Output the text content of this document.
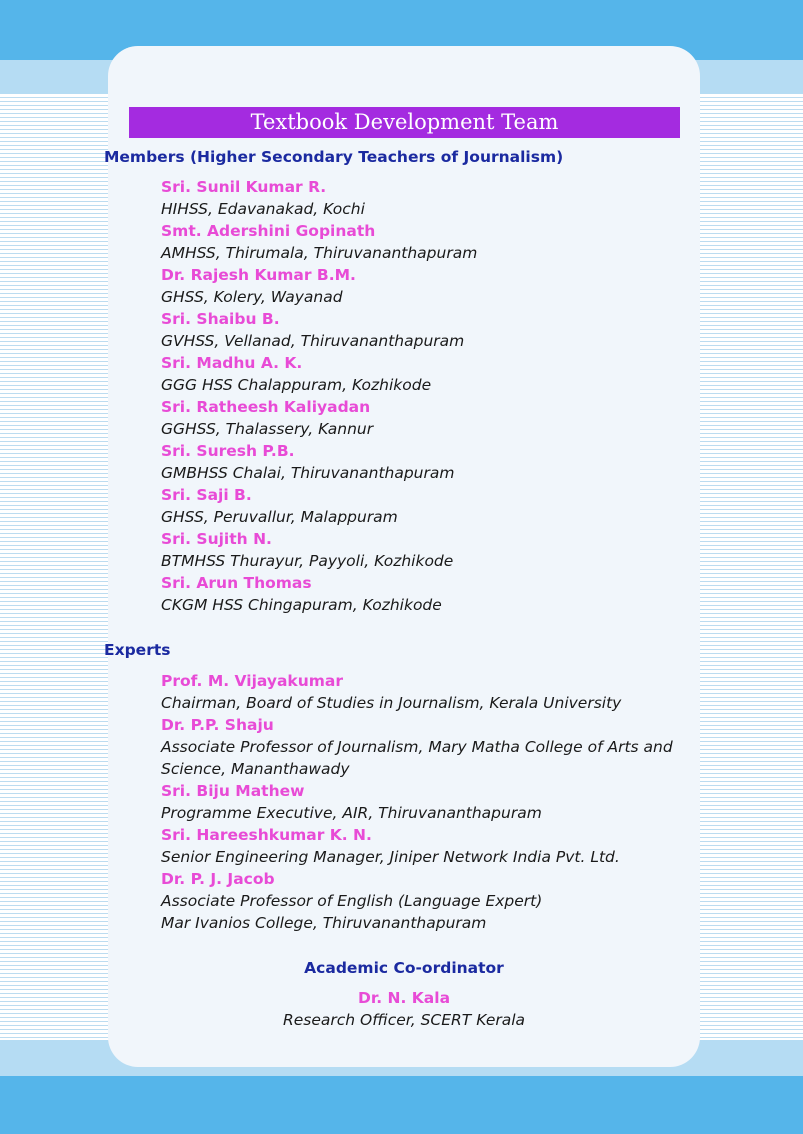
Textbook Development Team
Members (Higher Secondary Teachers of Journalism)
Sri. Sunil Kumar R.
HIHSS, Edavanakad, Kochi
Smt. Adershini Gopinath
AMHSS, Thirumala, Thiruvananthapuram
Dr. Rajesh Kumar B.M.
GHSS, Kolery, Wayanad
Sri. Shaibu B.
GVHSS, Vellanad, Thiruvananthapuram
Sri. Madhu A. K.
GGG HSS Chalappuram, Kozhikode
Sri. Ratheesh Kaliyadan
GGHSS, Thalassery, Kannur
Sri. Suresh P.B.
GMBHSS Chalai, Thiruvananthapuram
Sri. Saji B.
GHSS, Peruvallur, Malappuram
Sri. Sujith N.
BTMHSS Thurayur, Payyoli, Kozhikode
Sri. Arun Thomas
CKGM HSS Chingapuram, Kozhikode
Experts
Prof. M. Vijayakumar
Chairman, Board of Studies in Journalism, Kerala University
Dr. P.P. Shaju
Associate Professor of Journalism, Mary Matha College of Arts and
Science, Mananthawady
Sri. Biju Mathew
Programme Executive, AIR, Thiruvananthapuram
Sri. Hareeshkumar K. N.
Senior Engineering Manager, Jiniper Network India Pvt. Ltd.
Dr. P. J. Jacob
Associate Professor of English (Language Expert)
Mar Ivanios College, Thiruvananthapuram
Academic Co-ordinator
Dr. N. Kala
Research Officer, SCERT Kerala
